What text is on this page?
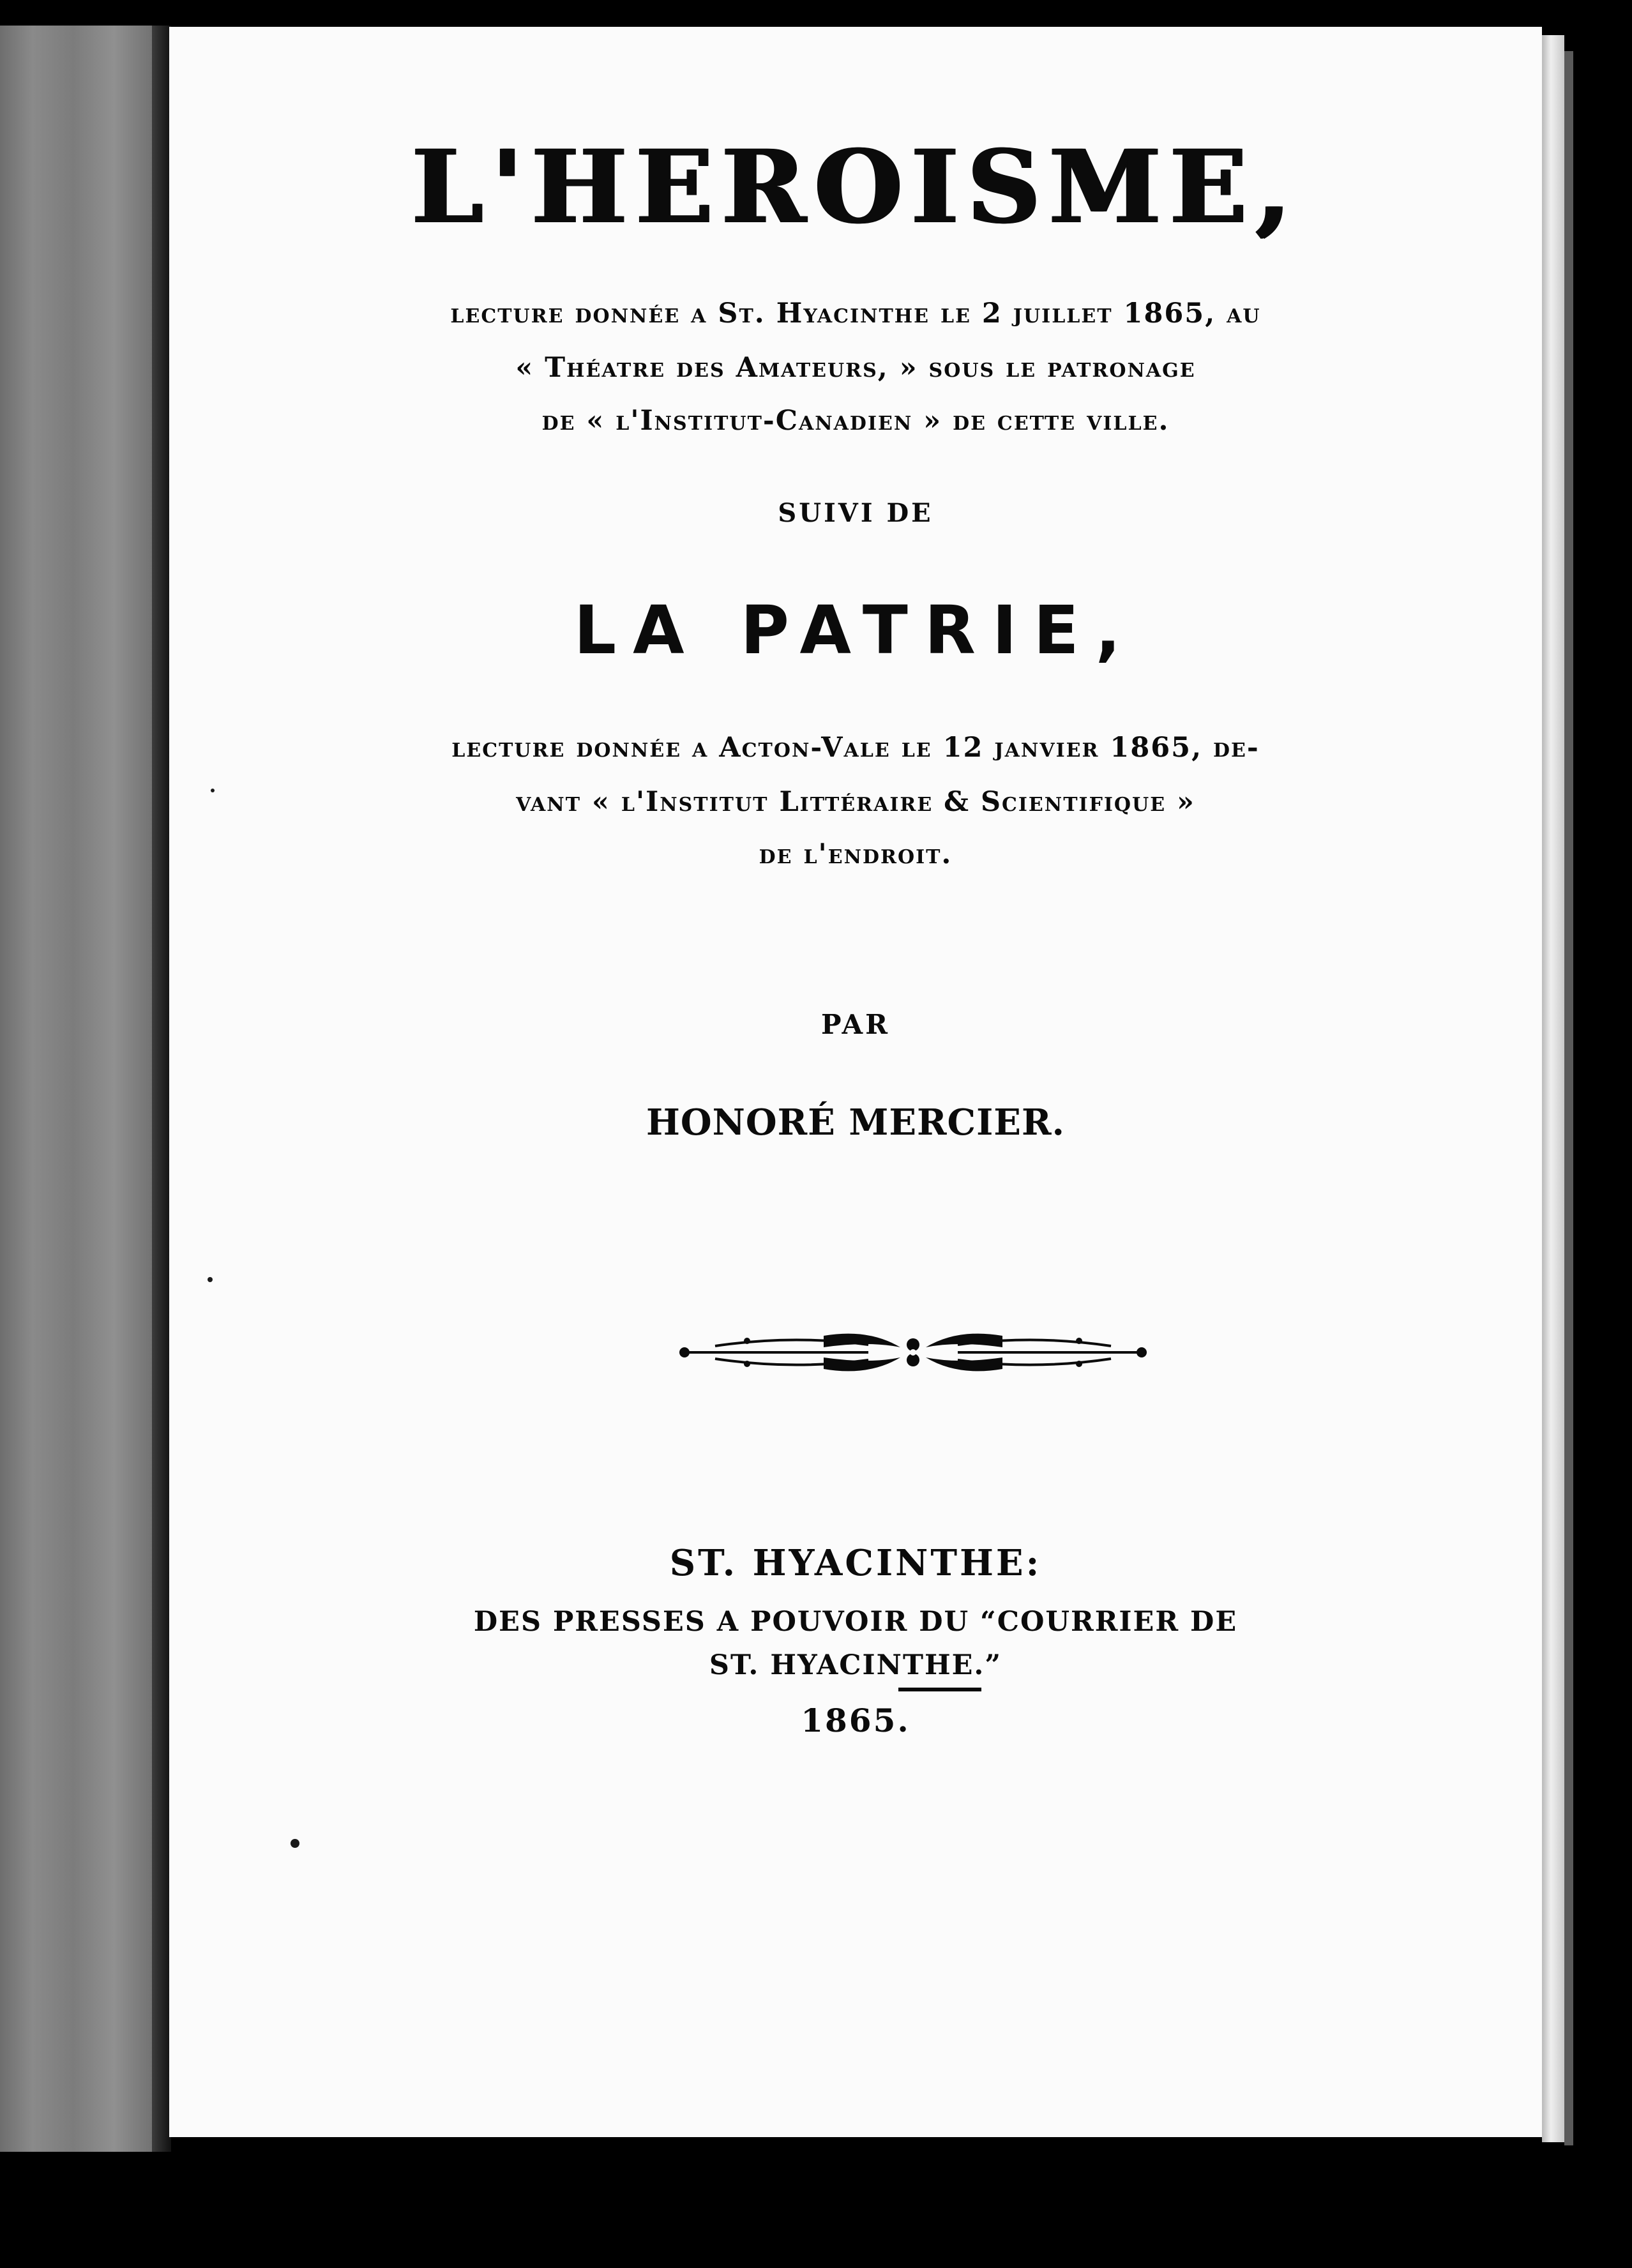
L'HEROISME,
lecture donnée a St. Hyacinthe le 2 juillet 1865, au
« Théatre des Amateurs, » sous le patronage
de « l'Institut-Canadien » de cette ville.
SUIVI DE
LA PATRIE,
lecture donnée a Acton-Vale le 12 janvier 1865, de-
vant « l'Institut Littéraire & Scientifique »
de l'endroit.
PAR
HONORÉ MERCIER.
ST. HYACINTHE:
DES PRESSES A POUVOIR DU “COURRIER DE
ST. HYACINTHE.”
1865.
